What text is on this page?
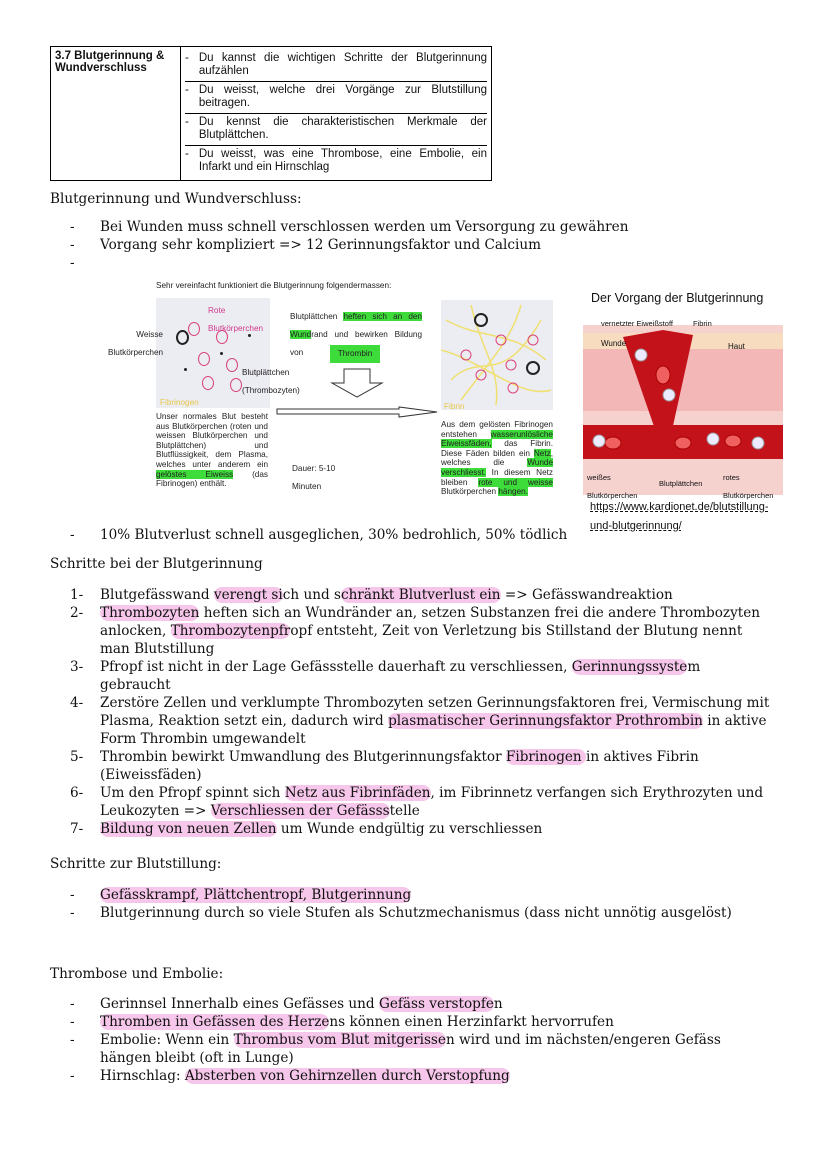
3.7 Blutgerinnung & Wundverschluss	
- Du kannst die wichtigen Schritte der Blutgerinnung aufzählen
- Du weisst, welche drei Vorgänge zur Blutstillung beitragen.
- Du kennst die charakteristischen Merkmale der Blutplättchen.
- Du weisst, was eine Thrombose, eine Embolie, ein Infarkt und ein Hirnschlag
Blutgerinnung und Wundverschluss:
-	Bei Wunden muss schnell verschlossen werden um Versorgung zu gewähren
-	Vorgang sehr kompliziert => 12 Gerinnungsfaktor und Calcium
-
Sehr vereinfacht funktioniert die Blutgerinnung folgendermassen:
Rote Blutkörperchen
Weisse Blutkörperchen
Blutplättchen (Thrombozyten)
Fibrinogen
Blutplättchen heften sich an den Wundrand und bewirken Bildung von	Thrombin
Unser normales Blut besteht aus Blutkörperchen (roten und weissen Blutkörperchen und Blutplättchen) und Blutflüssigkeit, dem Plasma, welches unter anderem ein gelöstes Eiweiss (das Fibrinogen) enthält.
Dauer: 5-10 Minuten
Fibrin
Aus dem gelösten Fibrinogen entstehen wasserunlösliche Eiweissfäden, das Fibrin. Diese Fäden bilden ein Netz, welches die Wunde verschliesst. In diesem Netz bleiben rote und weisse Blutkörperchen hängen.
Der Vorgang der Blutgerinnung
vernetzter Eiweißstoff	Fibrin
Wunde	Haut
weißes Blutkörperchen
Blutplättchen
rotes Blutkörperchen
https://www.kardionet.de/blutstillung-und-blutgerinnung/
-	10% Blutverlust schnell ausgeglichen, 30% bedrohlich, 50% tödlich
Schritte bei der Blutgerinnung
1-	Blutgefässwand verengt sich und schränkt Blutverlust ein => Gefässwandreaktion
2-	Thrombozyten heften sich an Wundränder an, setzen Substanzen frei die andere Thrombozyten anlocken, Thrombozytenpfropf entsteht, Zeit von Verletzung bis Stillstand der Blutung nennt man Blutstillung
3-	Pfropf ist nicht in der Lage Gefässstelle dauerhaft zu verschliessen, Gerinnungssystem gebraucht
4-	Zerstöre Zellen und verklumpte Thrombozyten setzen Gerinnungsfaktoren frei, Vermischung mit Plasma, Reaktion setzt ein, dadurch wird plasmatischer Gerinnungsfaktor Prothrombin in aktive Form Thrombin umgewandelt
5-	Thrombin bewirkt Umwandlung des Blutgerinnungsfaktor Fibrinogen in aktives Fibrin (Eiweissfäden)
6-	Um den Pfropf spinnt sich Netz aus Fibrinfäden, im Fibrinnetz verfangen sich Erythrozyten und Leukozyten => Verschliessen der Gefässstelle
7-	Bildung von neuen Zellen um Wunde endgültig zu verschliessen
Schritte zur Blutstillung:
-	Gefässkrampf, Plättchentropf, Blutgerinnung
-	Blutgerinnung durch so viele Stufen als Schutzmechanismus (dass nicht unnötig ausgelöst)
Thrombose und Embolie:
-	Gerinnsel Innerhalb eines Gefässes und Gefäss verstopfen
-	Thromben in Gefässen des Herzens können einen Herzinfarkt hervorrufen
-	Embolie: Wenn ein Thrombus vom Blut mitgerissen wird und im nächsten/engeren Gefäss hängen bleibt (oft in Lunge)
-	Hirnschlag: Absterben von Gehirnzellen durch Verstopfung
